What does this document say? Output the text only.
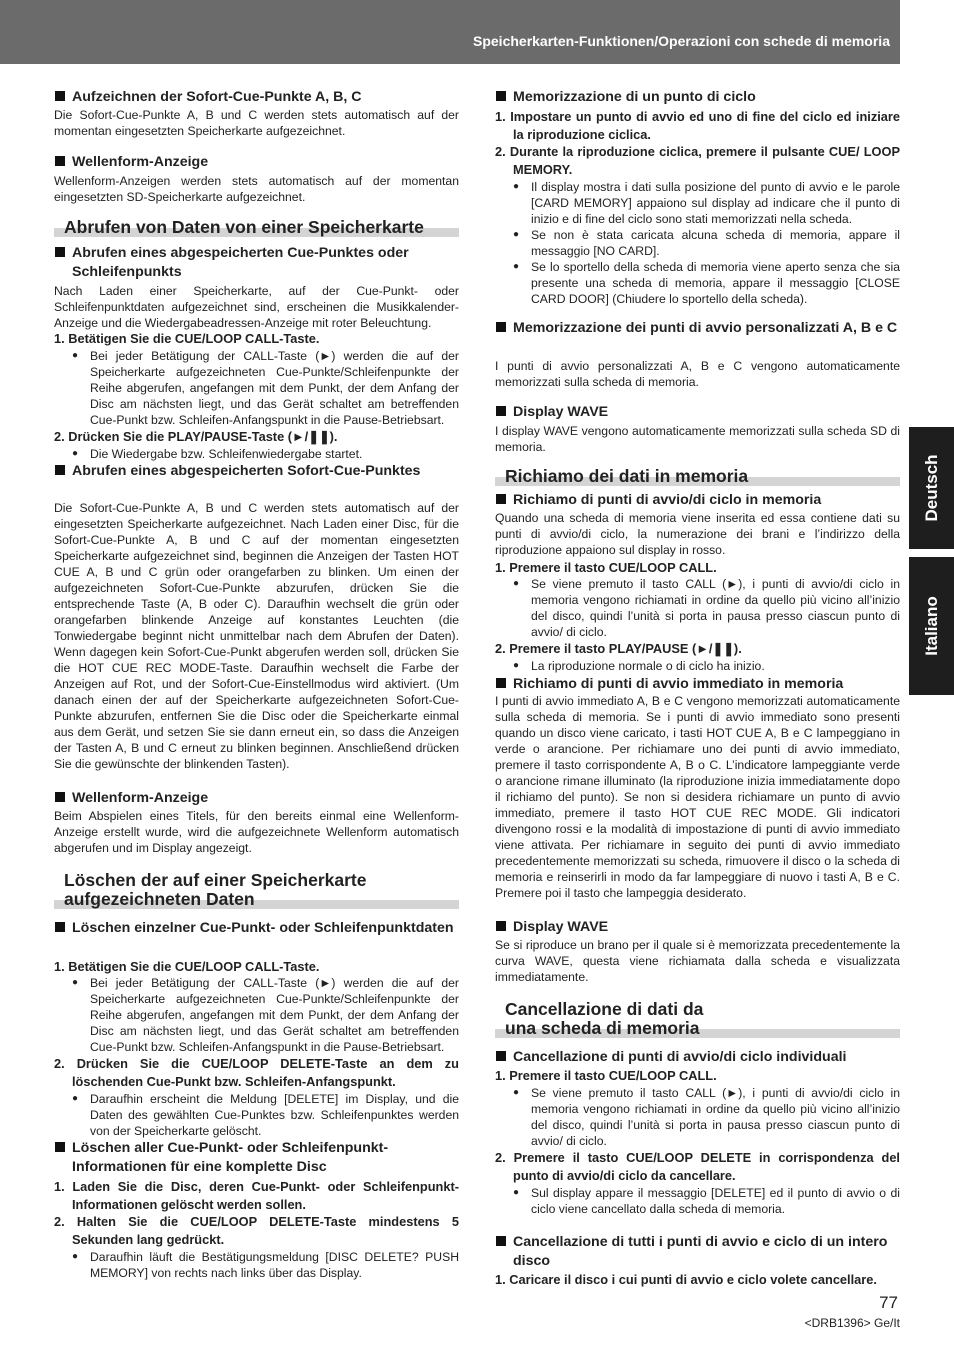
Speicherkarten-Funktionen/Operazioni con schede di memoria
Deutsch
Italiano
Aufzeichnen der Sofort-Cue-Punkte A, B, C
Die Sofort-Cue-Punkte A, B und C werden stets automatisch auf der momentan eingesetzten Speicherkarte aufgezeichnet.
Wellenform-Anzeige
Wellenform-Anzeigen werden stets automatisch auf der momentan eingesetzten SD-Speicherkarte aufgezeichnet.
Abrufen von Daten von einer Speicherkarte
Abrufen eines abgespeicherten Cue-Punktes oder Schleifenpunkts
Nach Laden einer Speicherkarte, auf der Cue-Punkt- oder Schleifenpunktdaten aufgezeichnet sind, erscheinen die Musikkalender-Anzeige und die Wiedergabeadressen-Anzeige mit roter Beleuchtung.
1. Betätigen Sie die CUE/LOOP CALL-Taste.
● Bei jeder Betätigung der CALL-Taste (►) werden die auf der Speicherkarte aufgezeichneten Cue-Punkte/Schleifenpunkte der Reihe abgerufen, angefangen mit dem Punkt, der dem Anfang der Disc am nächsten liegt, und das Gerät schaltet am betreffenden Cue-Punkt bzw. Schleifen-Anfangspunkt in die Pause-Betriebsart.
2. Drücken Sie die PLAY/PAUSE-Taste (►/❚❚).
● Die Wiedergabe bzw. Schleifenwiedergabe startet.
Abrufen eines abgespeicherten Sofort-Cue-Punktes
Die Sofort-Cue-Punkte A, B und C werden stets automatisch auf der eingesetzten Speicherkarte aufgezeichnet. Nach Laden einer Disc, für die Sofort-Cue-Punkte A, B und C auf der momentan eingesetzten Speicherkarte aufgezeichnet sind, beginnen die Anzeigen der Tasten HOT CUE A, B und C grün oder orangefarben zu blinken. Um einen der aufgezeichneten Sofort-Cue-Punkte abzurufen, drücken Sie die entsprechende Taste (A, B oder C). Daraufhin wechselt die grün oder orangefarben blinkende Anzeige auf konstantes Leuchten (die Tonwiedergabe beginnt nicht unmittelbar nach dem Abrufen der Daten). Wenn dagegen kein Sofort-Cue-Punkt abgerufen werden soll, drücken Sie die HOT CUE REC MODE-Taste. Daraufhin wechselt die Farbe der Anzeigen auf Rot, und der Sofort-Cue-Einstellmodus wird aktiviert. (Um danach einen der auf der Speicherkarte aufgezeichneten Sofort-Cue-Punkte abzurufen, entfernen Sie die Disc oder die Speicherkarte einmal aus dem Gerät, und setzen Sie sie dann erneut ein, so dass die Anzeigen der Tasten A, B und C erneut zu blinken beginnen. Anschließend drücken Sie die gewünschte der blinkenden Tasten).
Wellenform-Anzeige
Beim Abspielen eines Titels, für den bereits einmal eine Wellenform-Anzeige erstellt wurde, wird die aufgezeichnete Wellenform automatisch abgerufen und im Display angezeigt.
Löschen der auf einer Speicherkarte aufgezeichneten Daten
Löschen einzelner Cue-Punkt- oder Schleifenpunktdaten
1. Betätigen Sie die CUE/LOOP CALL-Taste.
● Bei jeder Betätigung der CALL-Taste (►) werden die auf der Speicherkarte aufgezeichneten Cue-Punkte/Schleifenpunkte der Reihe abgerufen, angefangen mit dem Punkt, der dem Anfang der Disc am nächsten liegt, und das Gerät schaltet am betreffenden Cue-Punkt bzw. Schleifen-Anfangspunkt in die Pause-Betriebsart.
2. Drücken Sie die CUE/LOOP DELETE-Taste an dem zu löschenden Cue-Punkt bzw. Schleifen-Anfangspunkt.
● Daraufhin erscheint die Meldung [DELETE] im Display, und die Daten des gewählten Cue-Punktes bzw. Schleifenpunktes werden von der Speicherkarte gelöscht.
Löschen aller Cue-Punkt- oder Schleifenpunkt-Informationen für eine komplette Disc
1. Laden Sie die Disc, deren Cue-Punkt- oder Schleifenpunkt-Informationen gelöscht werden sollen.
2. Halten Sie die CUE/LOOP DELETE-Taste mindestens 5 Sekunden lang gedrückt.
● Daraufhin läuft die Bestätigungsmeldung [DISC DELETE? PUSH MEMORY] von rechts nach links über das Display.
Memorizzazione di un punto di ciclo
1. Impostare un punto di avvio ed uno di fine del ciclo ed iniziare la riproduzione ciclica.
2. Durante la riproduzione ciclica, premere il pulsante CUE/ LOOP MEMORY.
● Il display mostra i dati sulla posizione del punto di avvio e le parole [CARD MEMORY] appaiono sul display ad indicare che il punto di inizio e di fine del ciclo sono stati memorizzati nella scheda.
● Se non è stata caricata alcuna scheda di memoria, appare il messaggio [NO CARD].
● Se lo sportello della scheda di memoria viene aperto senza che sia presente una scheda di memoria, appare il messaggio [CLOSE CARD DOOR] (Chiudere lo sportello della scheda).
Memorizzazione dei punti di avvio personalizzati A, B e C
I punti di avvio personalizzati A, B e C vengono automaticamente memorizzati sulla scheda di memoria.
Display WAVE
I display WAVE vengono automaticamente memorizzati sulla scheda SD di memoria.
Richiamo dei dati in memoria
Richiamo di punti di avvio/di ciclo in memoria
Quando una scheda di memoria viene inserita ed essa contiene dati su punti di avvio/di ciclo, la numerazione dei brani e l’indirizzo della riproduzione appaiono sul display in rosso.
1. Premere il tasto CUE/LOOP CALL.
● Se viene premuto il tasto CALL (►), i punti di avvio/di ciclo in memoria vengono richiamati in ordine da quello più vicino all’inizio del disco, quindi l’unità si porta in pausa presso ciascun punto di avvio/ di ciclo.
2. Premere il tasto PLAY/PAUSE (►/❚❚).
● La riproduzione normale o di ciclo ha inizio.
Richiamo di punti di avvio immediato in memoria
I punti di avvio immediato A, B e C vengono memorizzati automaticamente sulla scheda di memoria. Se i punti di avvio immediato sono presenti quando un disco viene caricato, i tasti HOT CUE A, B e C lampeggiano in verde o arancione. Per richiamare uno dei punti di avvio immediato, premere il tasto corrispondente A, B o C. L’indicatore lampeggiante verde o arancione rimane illuminato (la riproduzione inizia immediatamente dopo il richiamo del punto). Se non si desidera richiamare un punto di avvio immediato, premere il tasto HOT CUE REC MODE. Gli indicatori divengono rossi e la modalità di impostazione di punti di avvio immediato viene attivata. Per richiamare in seguito dei punti di avvio immediato precedentemente memorizzati su scheda, rimuovere il disco o la scheda di memoria e reinserirli in modo da far lampeggiare di nuovo i tasti A, B e C. Premere poi il tasto che lampeggia desiderato.
Display WAVE
Se si riproduce un brano per il quale si è memorizzata precedentemente la curva WAVE, questa viene richiamata dalla scheda e visualizzata immediatamente.
Cancellazione di dati da una scheda di memoria
Cancellazione di punti di avvio/di ciclo individuali
1. Premere il tasto CUE/LOOP CALL.
● Se viene premuto il tasto CALL (►), i punti di avvio/di ciclo in memoria vengono richiamati in ordine da quello più vicino all’inizio del disco, quindi l’unità si porta in pausa presso ciascun punto di avvio/ di ciclo.
2. Premere il tasto CUE/LOOP DELETE in corrispondenza del punto di avvio/di ciclo da cancellare.
● Sul display appare il messaggio [DELETE] ed il punto di avvio o di ciclo viene cancellato dalla scheda di memoria.
Cancellazione di tutti i punti di avvio e ciclo di un intero disco
1. Caricare il disco i cui punti di avvio e ciclo volete cancellare.
77
<DRB1396> Ge/It
